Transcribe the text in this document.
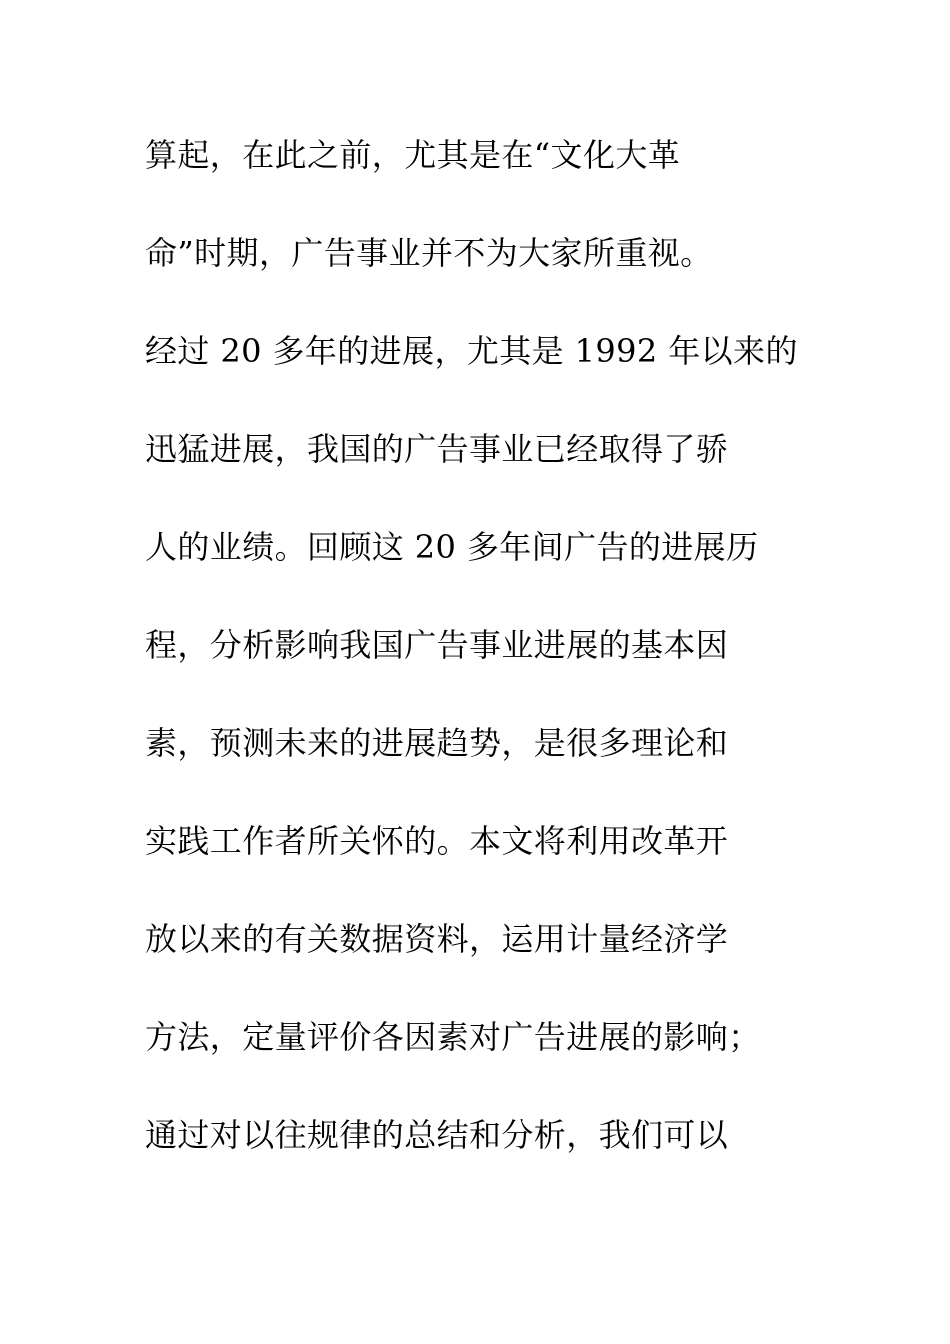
算起，在此之前，尤其是在“文化大革
命”时期，广告事业并不为大家所重视。
经过 20 多年的进展，尤其是 1992 年以来的
迅猛进展，我国的广告事业已经取得了骄
人的业绩。回顾这 20 多年间广告的进展历
程，分析影响我国广告事业进展的基本因
素，预测未来的进展趋势，是很多理论和
实践工作者所关怀的。本文将利用改革开
放以来的有关数据资料，运用计量经济学
方法，定量评价各因素对广告进展的影响；
通过对以往规律的总结和分析，我们可以
